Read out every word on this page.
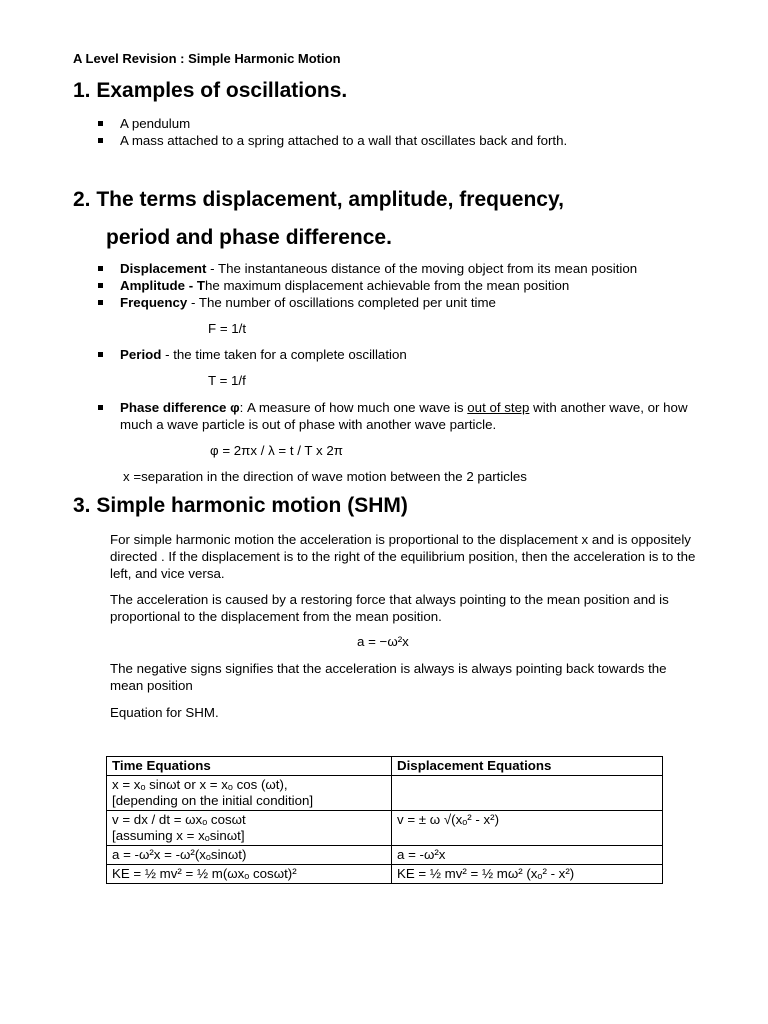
A Level Revision : Simple Harmonic Motion
1. Examples of oscillations.
A pendulum
A mass attached to a spring attached to a wall that oscillates back and forth.
2. The terms displacement, amplitude, frequency,
period and phase difference.
Displacement - The instantaneous distance of the moving object from its mean position
Amplitude - The maximum displacement achievable from the mean position
Frequency - The number of oscillations completed per unit time
F = 1/t
Period - the time taken for a complete oscillation
T = 1/f
Phase difference φ: A measure of how much one wave is out of step with another wave, or how much a wave particle is out of phase with another wave particle.
φ = 2πx / λ = t / T x 2π
x =separation in the direction of wave motion between the 2 particles
3. Simple harmonic motion (SHM)
For simple harmonic motion the acceleration is proportional to the displacement x and is oppositely directed . If the displacement is to the right of the equilibrium position, then the acceleration is to the left, and vice versa.
The acceleration is caused by a restoring force that always pointing to the mean position and is proportional to the displacement from the mean position.
a = −ω²x
The negative signs signifies that the acceleration is always is always pointing back towards the mean position
Equation for SHM.
Time Equations	Displacement Equations

x = xₒ sinωt or x = xₒ cos (ωt),
[depending on the initial condition]	

v = dx / dt = ωxₒ cosωt
[assuming x = xₒsinωt]	v = ± ω √(xₒ² - x²)

a = -ω²x = -ω²(xₒsinωt)	a = -ω²x

KE = ½ mv² = ½ m(ωxₒ cosωt)²	KE = ½ mv² = ½ mω² (xₒ² - x²)
